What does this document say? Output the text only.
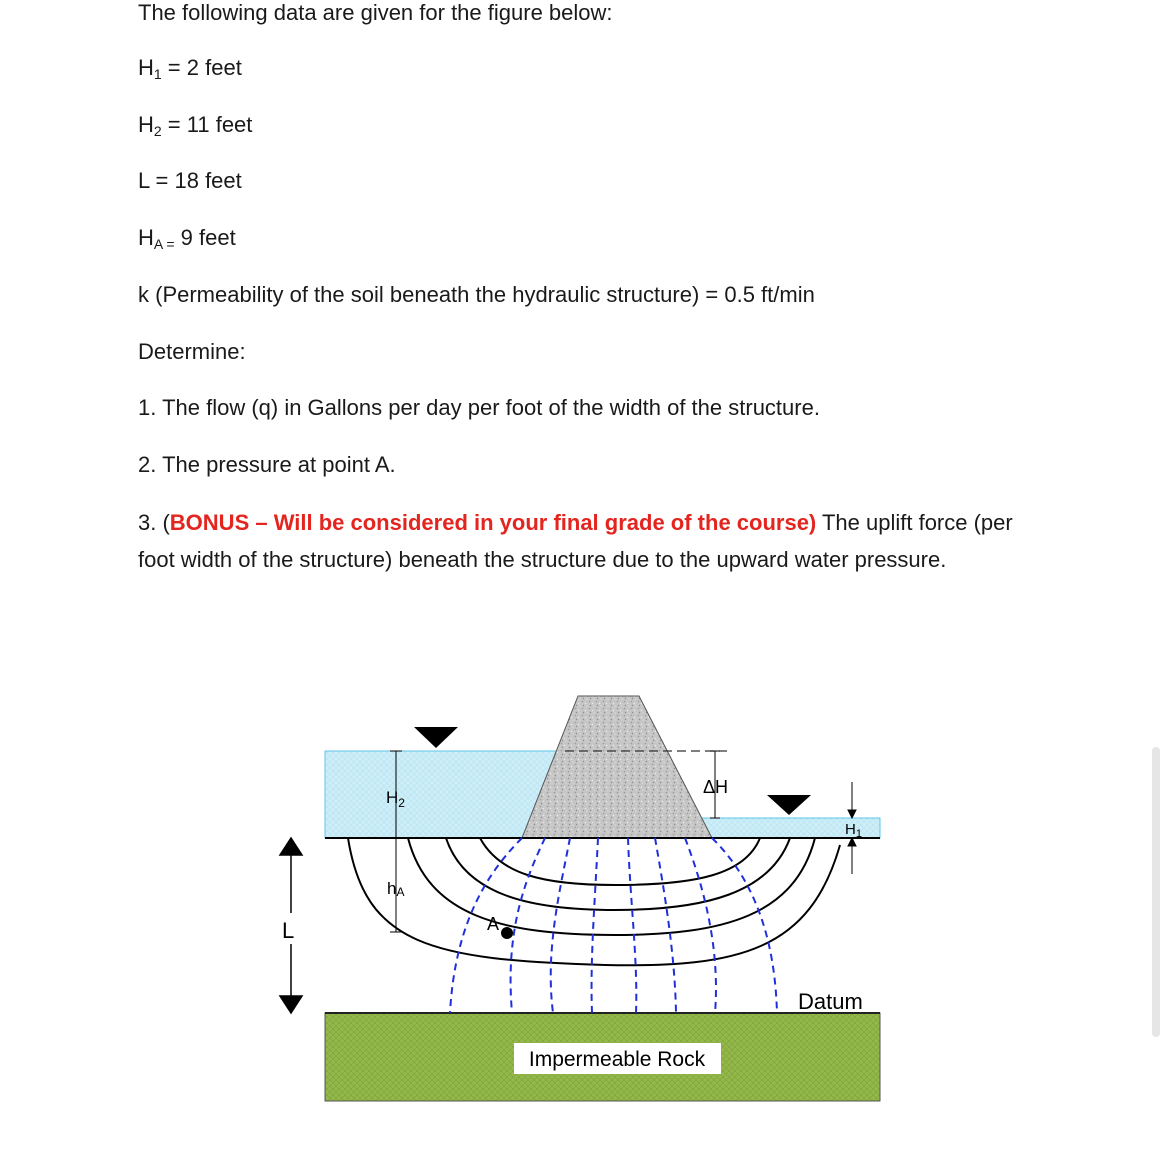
The following data are given for the figure below:
$H_1 = 2$ feet
$H_2 = 11$ feet
L = 18 feet
$H_{A =}$ 9 feet
k (Permeability of the soil beneath the hydraulic structure) = 0.5 ft/min
Determine:
1. The flow (q) in Gallons per day per foot of the width of the structure.
2. The pressure at point A.
3. (BONUS – Will be considered in your final grade of the course) The uplift force (per foot width of the structure) beneath the structure due to the upward water pressure.
Impermeable Rock
A
$H_2$
hA
ΔH
$H_1$
L
Datum
